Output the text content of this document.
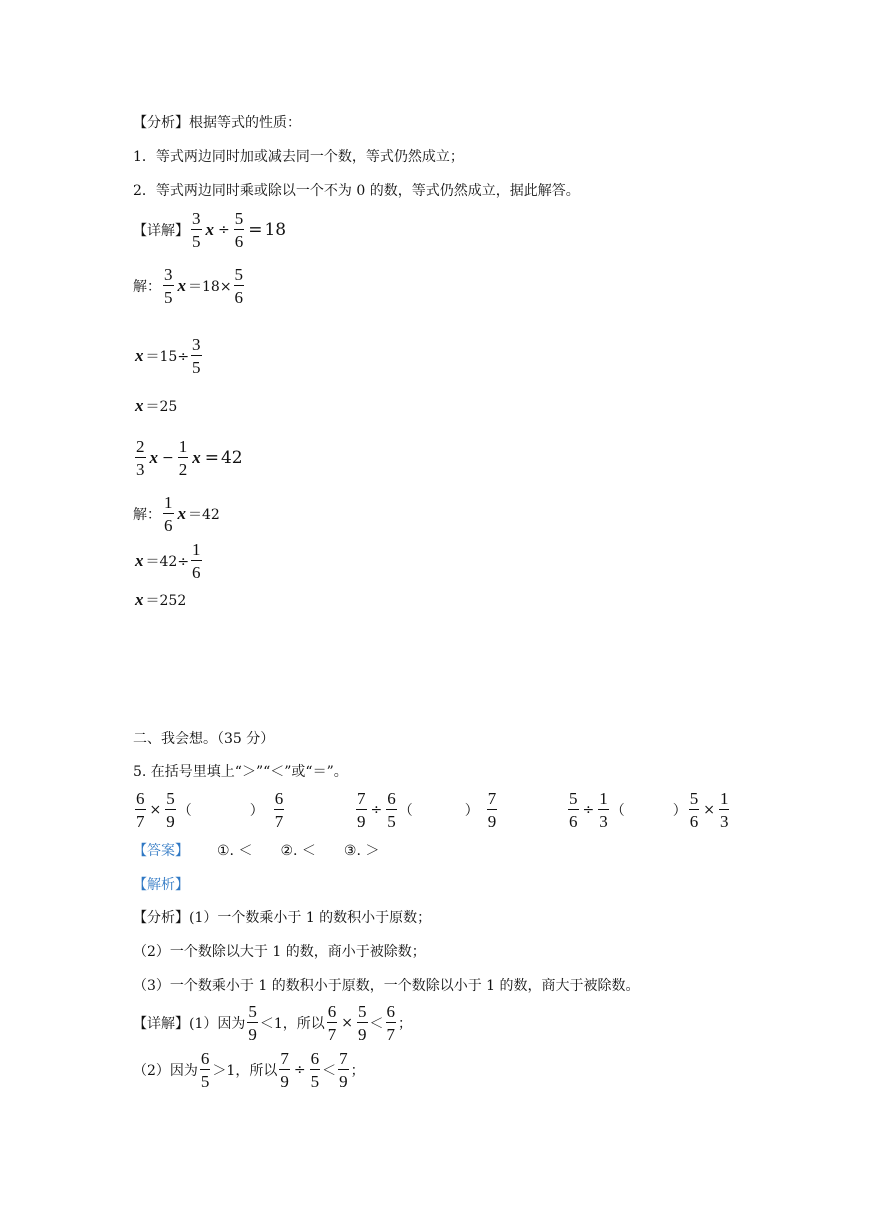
【分析】根据等式的性质：
1．等式两边同时加或减去同一个数，等式仍然成立；
2．等式两边同时乘或除以一个不为 0 的数，等式仍然成立，据此解答。
【详解】 $\frac{3}{5}$ $x \div \frac{5}{6} = 18$
解： $\frac{3}{5}$ $x =18\times \frac{5}{6}$
$x =15\div \frac{3}{5}$
x ＝25
$\frac{2}{3}$ $x - \frac{1}{2}$ x = 42
解： $\frac{1}{6}$ x ＝42
$x =42\div \frac{1}{6}$
x ＝252
二、我会想。（35 分）
5. 在括号里填上“＞”“＜”或“＝”。
$\frac{6}{7} \times \frac{5}{9}$ （	） $\frac{6}{7}$	$\frac{7}{9} \div \frac{6}{5}$ （	） $\frac{7}{9}$	$\frac{5}{6} \div \frac{1}{3}$ （	） $\frac{5}{6} \times \frac{1}{3}$
【答案】 ①. ＜ ②. ＜ ③. ＞
【解析】
【分析】(1）一个数乘小于 1 的数积小于原数；
（2）一个数除以大于 1 的数，商小于被除数；
（3）一个数乘小于 1 的数积小于原数，一个数除以小于 1 的数，商大于被除数。
【详解】(1）因为 $\frac{5}{9} <1$，所以 $\frac{6}{7} \times \frac{5}{9} < \frac{6}{7}$ ；
（2）因为 $\frac{6}{5} >1$，所以 $\frac{7}{9} \div \frac{6}{5} < \frac{7}{9}$ ；
